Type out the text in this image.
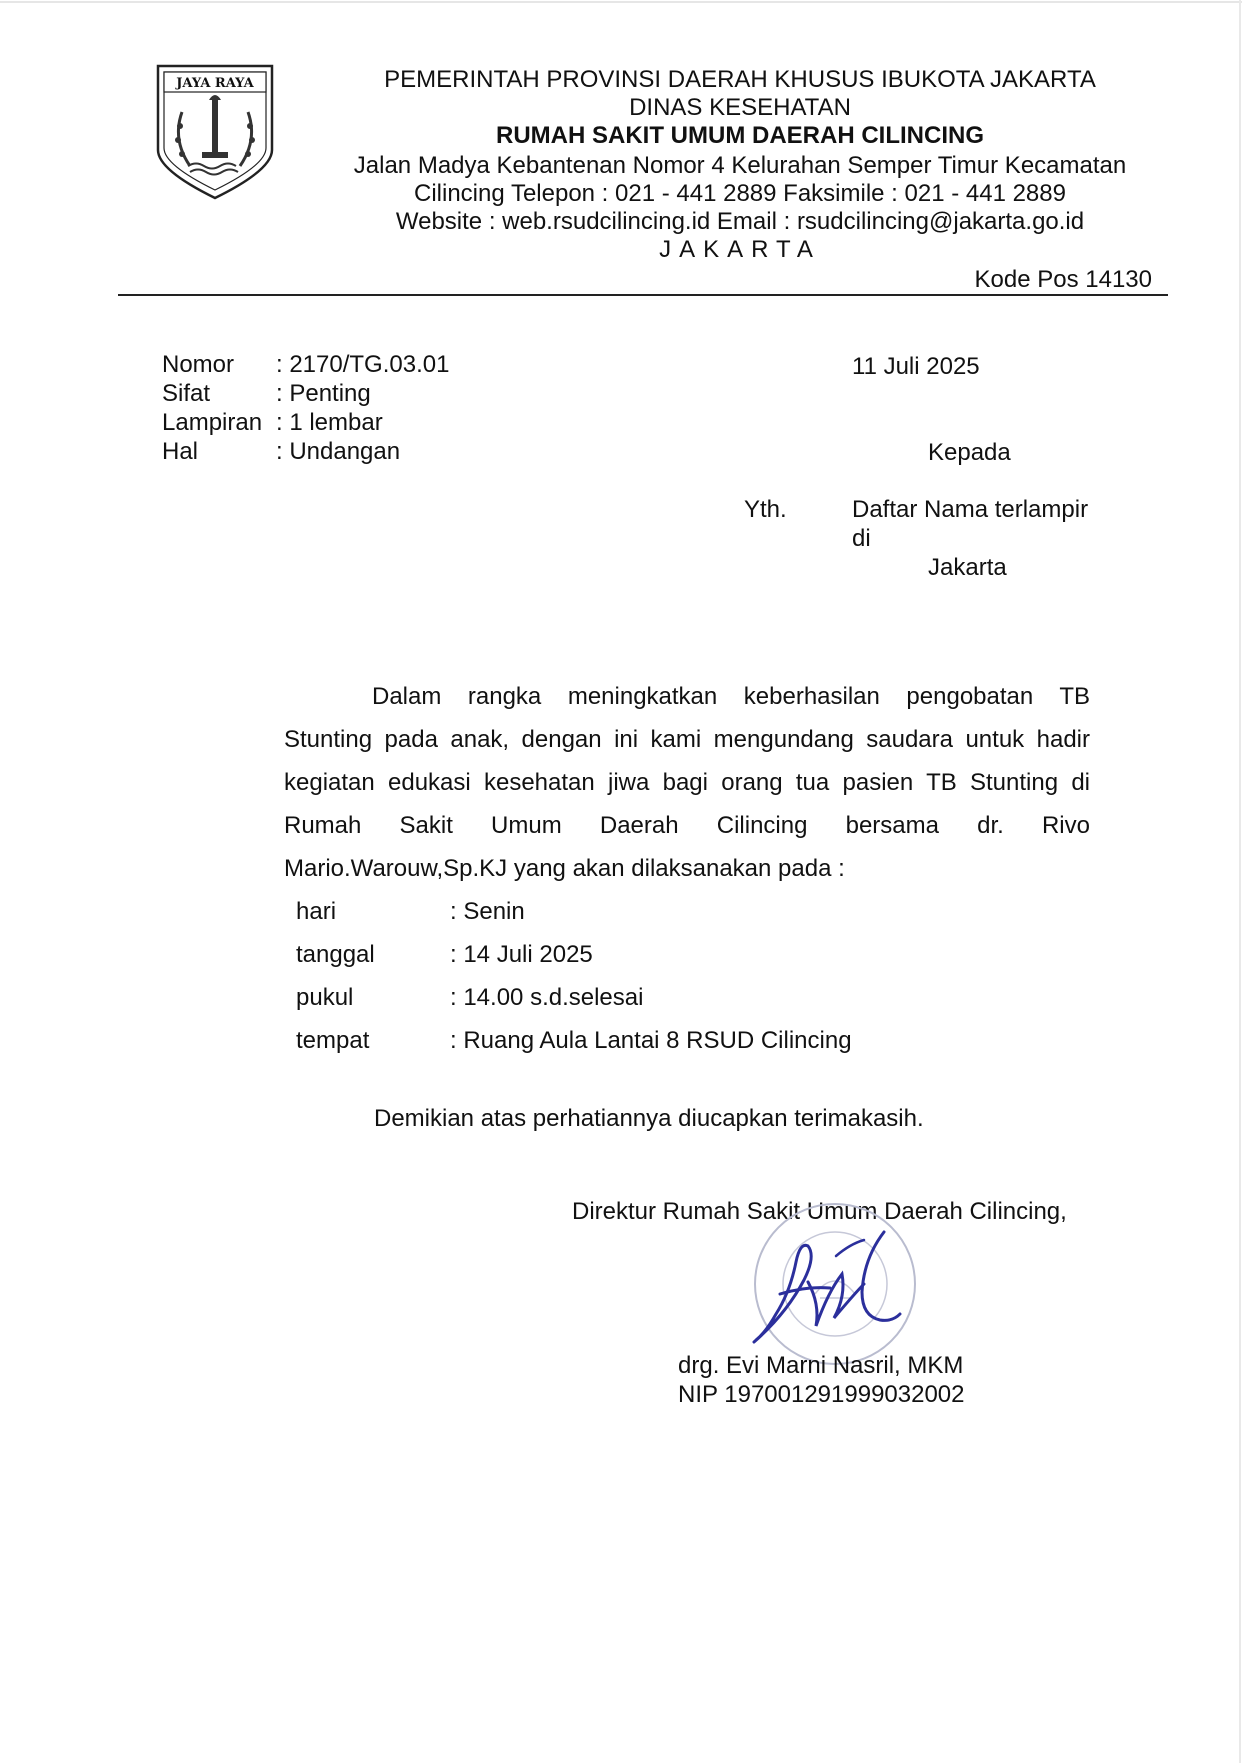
JAYA RAYA	PEMERINTAH PROVINSI DAERAH KHUSUS IBUKOTA JAKARTA
DINAS KESEHATAN
RUMAH SAKIT UMUM DAERAH CILINCING
Jalan Madya Kebantenan Nomor 4 Kelurahan Semper Timur Kecamatan
Cilincing Telepon : 021 - 441 2889 Faksimile : 021 - 441 2889
Website : web.rsudcilincing.id Email : rsudcilincing@jakarta.go.id
JAKARTA
Kode Pos 14130
Nomor : 2170/TG.03.01
Sifat	: Penting
Lampiran : 1 lembar
Hal	: Undangan
11 Juli 2025
Kepada
Yth.	Daftar Nama terlampir
di
Jakarta
Dalam rangka meningkatkan keberhasilan pengobatan TB
Stunting pada anak, dengan ini kami mengundang saudara untuk hadir
kegiatan edukasi kesehatan jiwa bagi orang tua pasien TB Stunting di
Rumah Sakit Umum Daerah Cilincing bersama dr. Rivo
Mario.Warouw,Sp.KJ yang akan dilaksanakan pada :
hari	: Senin
tanggal	: 14 Juli 2025
pukul	: 14.00 s.d.selesai
tempat	: Ruang Aula Lantai 8 RSUD Cilincing
Demikian atas perhatiannya diucapkan terimakasih.
Direktur Rumah Sakit Umum Daerah Cilincing,
drg. Evi Marni Nasril, MKM
NIP 197001291999032002
